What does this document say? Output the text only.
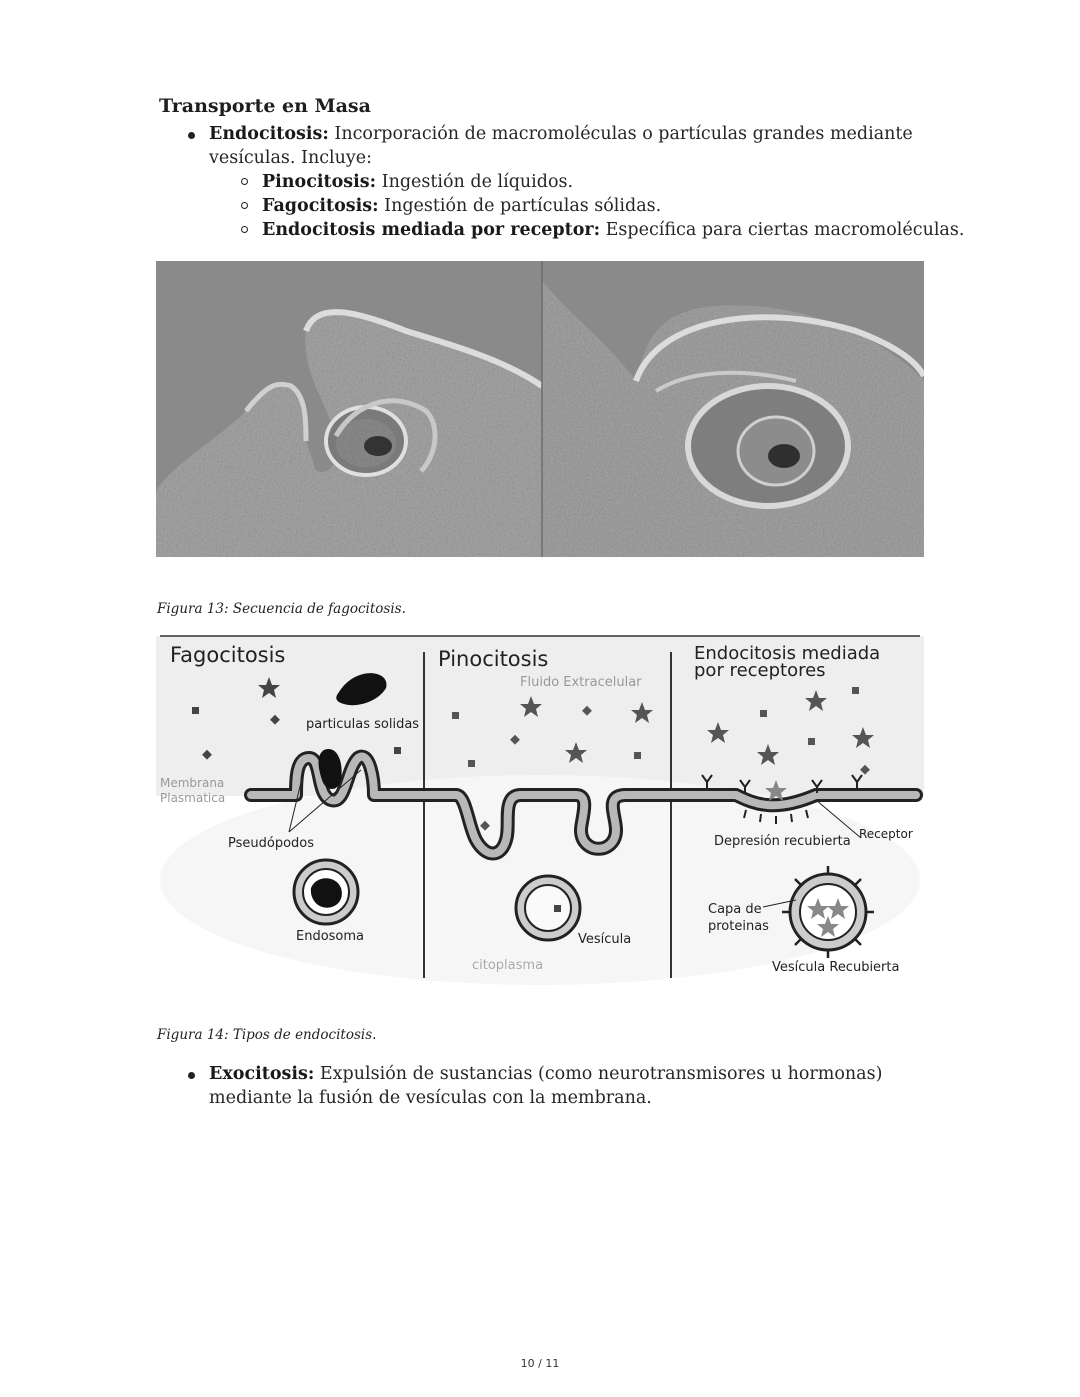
Transporte en Masa
Endocitosis: Incorporación de macromoléculas o partículas grandes mediante
vesículas. Incluye:
Pinocitosis: Ingestión de líquidos.
Fagocitosis: Ingestión de partículas sólidas.
Endocitosis mediada por receptor: Específica para ciertas macromoléculas.
Figura 13: Secuencia de fagocitosis.
Fagocitosis
particulas solidas
Membrana
Plasmatica
Pseudópodos
Endosoma
Pinocitosis
Fluido Extracelular
Vesícula
citoplasma
Endocitosis mediada
por receptores
Depresión recubierta Receptor
Capa de
proteinas
Vesícula Recubierta
Figura 14: Tipos de endocitosis.
Exocitosis: Expulsión de sustancias (como neurotransmisores u hormonas)
mediante la fusión de vesículas con la membrana.
10 / 11
